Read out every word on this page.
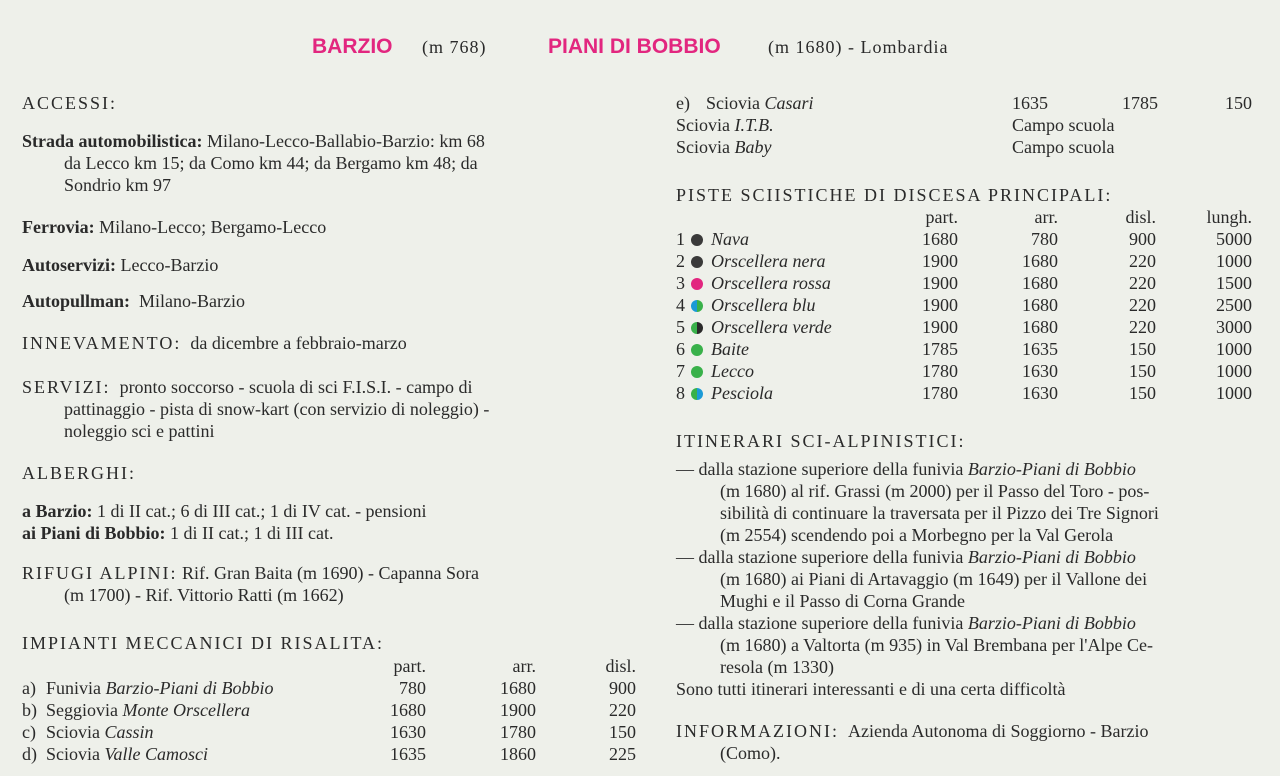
BARZIO (m 768)	PIANI DI BOBBIO	(m 1680) - Lombardia

ACCESSI:

Strada automobilistica: Milano-Lecco-Ballabio-Barzio: km 68

da Lecco km 15; da Como km 44; da Bergamo km 48; da
Sondrio km 97

Ferrovia: Milano-Lecco; Bergamo-Lecco

Autoservizi: Lecco-Barzio

Autopullman: Milano-Barzio

INNEVAMENTO: da dicembre a febbraio-marzo

SERVIZI: pronto soccorso - scuola di sci F.I.S.I. - campo di

pattinaggio - pista di snow-kart (con servizio di noleggio) -
noleggio sci e pattini

ALBERGHI:

a Barzio: 1 di II cat.; 6 di III cat.; 1 di IV cat. - pensioni

ai Piani di Bobbio: 1 di II cat.; 1 di III cat.

RIFUGI ALPINI: Rif. Gran Baita (m 1690) - Capanna Sora

(m 1700) - Rif. Vittorio Ratti (m 1662)

IMPIANTI MECCANICI DI RISALITA:

		part.	arr.	disl.
a)	Funivia Barzio-Piani di Bobbio	780	1680	900
b)	Seggiovia Monte Orscellera	1680	1900	220
c)	Sciovia Cassin	1630	1780	150
d)	Sciovia Valle Camosci	1635	1860	225
e)	Sciovia Casari	1635	1785	150
Sciovia I.T.B.	Campo scuola
Sciovia Baby	Campo scuola

PISTE SCIISTICHE DI DISCESA PRINCIPALI:

	part.	arr.	disl.	lungh.
1 Nava	1680	780	900	5000
2 Orscellera nera	1900	1680	220	1000
3 Orscellera rossa	1900	1680	220	1500
4 Orscellera blu	1900	1680	220	2500
5 Orscellera verde	1900	1680	220	3000
6 Baite	1785	1635	150	1000
7 Lecco	1780	1630	150	1000
8 Pesciola	1780	1630	150	1000

ITINERARI SCI-ALPINISTICI:

— dalla stazione superiore della funivia Barzio-Piani di Bobbio

(m 1680) al rif. Grassi (m 2000) per il Passo del Toro - pos-
sibilità di continuare la traversata per il Pizzo dei Tre Signori
(m 2554) scendendo poi a Morbegno per la Val Gerola

— dalla stazione superiore della funivia Barzio-Piani di Bobbio

(m 1680) ai Piani di Artavaggio (m 1649) per il Vallone dei
Mughi e il Passo di Corna Grande

— dalla stazione superiore della funivia Barzio-Piani di Bobbio

(m 1680) a Valtorta (m 935) in Val Brembana per l'Alpe Ce-
resola (m 1330)

Sono tutti itinerari interessanti e di una certa difficoltà

INFORMAZIONI: Azienda Autonoma di Soggiorno - Barzio

(Como).
